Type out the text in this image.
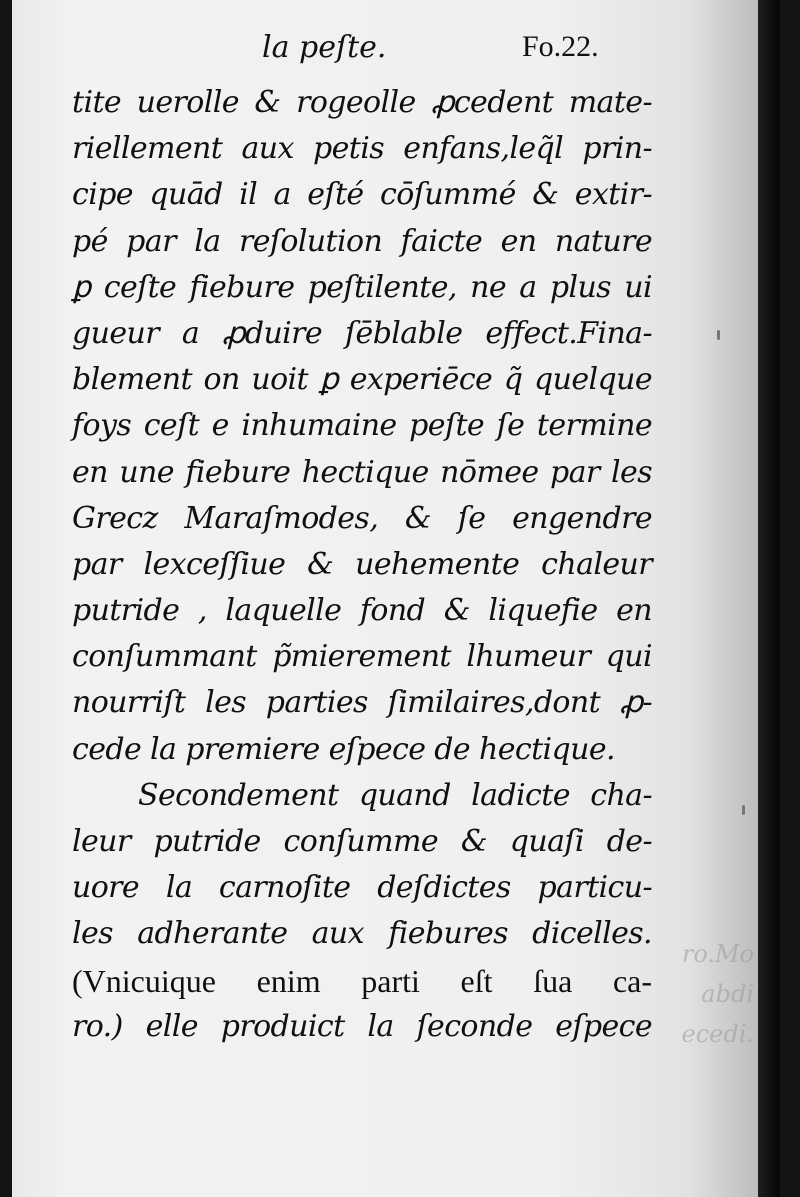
la peſte.	Fo.22.
tite uerolle & rogeolle ꝓcedent mate-
riellement aux petis enfans,leq̃l prin-
cipe quād il a eſté cōſummé & extir-
pé par la reſolution faicte en nature
ꝑ ceſte fiebure peſtilente, ne a plus ui
gueur a ꝓduire ſēblable effect.Fina-
blement on uoit ꝑ experiēce q̃ quelque
foys ceſt e inhumaine peſte ſe termine
en une fiebure hectique nōmee par les
Grecz Maraſmodes, & ſe engendre
par lexceſſiue & uehemente chaleur
putride , laquelle fond & liquefie en
conſummant p̃mierement lhumeur qui
nourriſt les parties ſimilaires,dont ꝓ-
cede la premiere eſpece de hectique.
Secondement quand ladicte cha-
leur putride conſumme & quaſi de-
uore la carnoſite deſdictes particu-
les adherante aux fiebures dicelles.
(Vnicuique enim parti eſt ſua ca-
ro.) elle produict la ſeconde eſpece
ro.Mo
abdi
ecedi.
